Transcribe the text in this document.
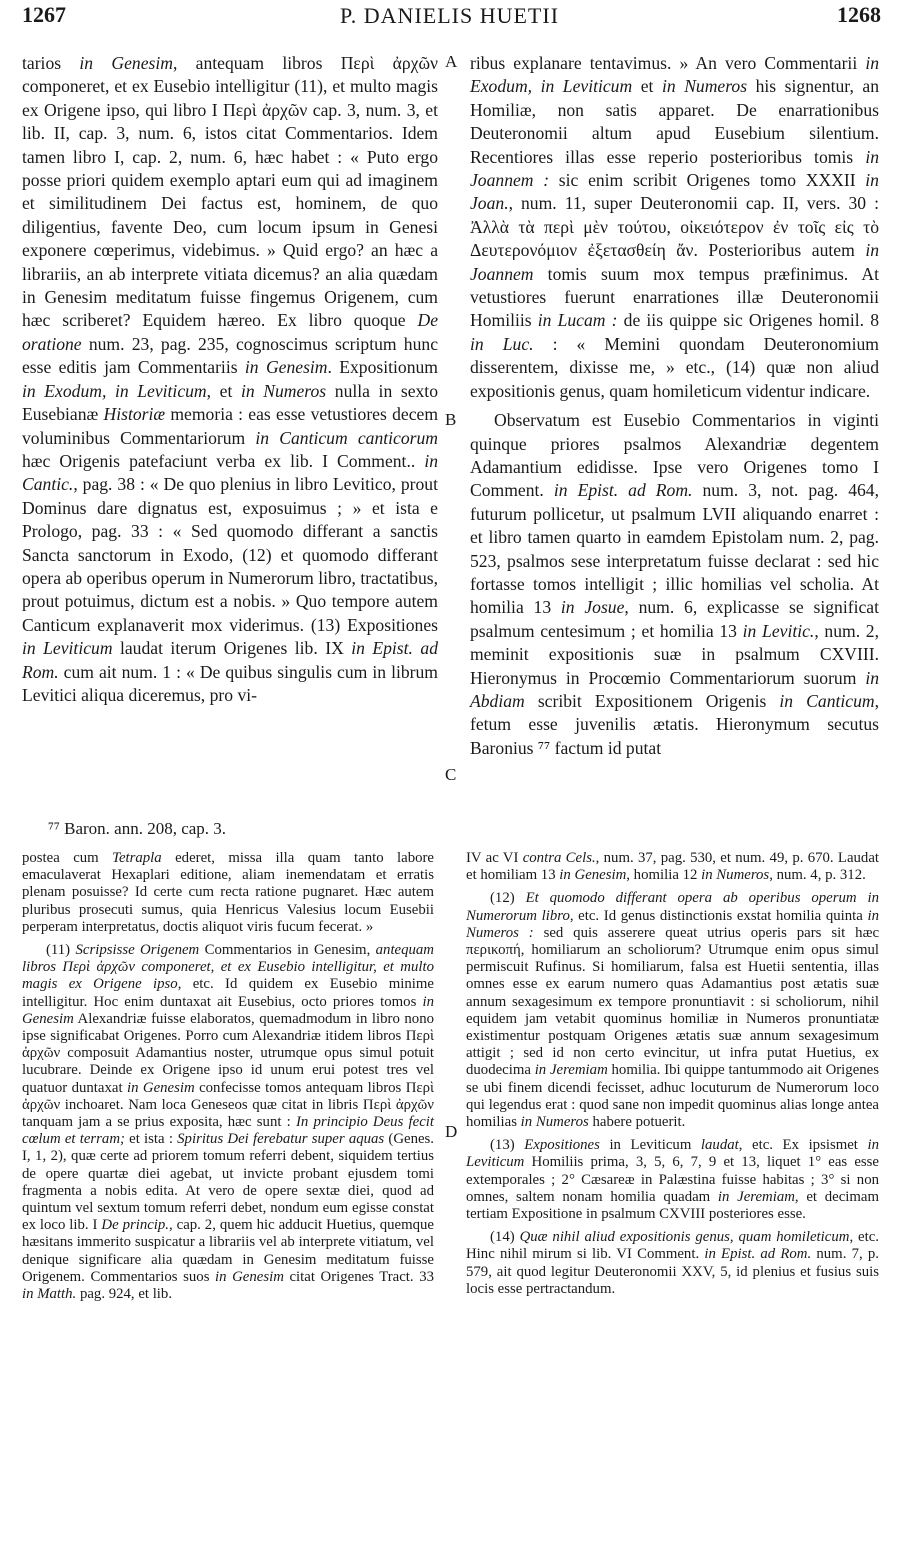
1267	P. DANIELIS HUETII	1268

tarios in Genesim, antequam libros Περὶ ἀρχῶν componeret, et ex Eusebio intelligitur (11), et multo magis ex Origene ipso, qui libro I Περὶ ἀρχῶν cap. 3, num. 3, et lib. II, cap. 3, num. 6, istos citat Commentarios. Idem tamen libro I, cap. 2, num. 6, hæc habet : « Puto ergo posse priori quidem exemplo aptari eum qui ad imaginem et similitudinem Dei factus est, hominem, de quo diligentius, favente Deo, cum locum ipsum in Genesi exponere cœperimus, videbimus. » Quid ergo? an hæc a librariis, an ab interprete vitiata dicemus? an alia quædam in Genesim meditatum fuisse fingemus Origenem, cum hæc scriberet? Equidem hæreo. Ex libro quoque De oratione num. 23, pag. 235, cognoscimus scriptum hunc esse editis jam Commentariis in Genesim. Expositionum in Exodum, in Leviticum, et in Numeros nulla in sexto Eusebianæ Historiæ memoria : eas esse vetustiores decem voluminibus Commentariorum in Canticum canticorum hæc Origenis patefaciunt verba ex lib. I Comment.. in Cantic., pag. 38 : « De quo plenius in libro Levitico, prout Dominus dare dignatus est, exposuimus ; » et ista e Prologo, pag. 33 : « Sed quomodo differant a sanctis Sancta sanctorum in Exodo, (12) et quomodo differant opera ab operibus operum in Numerorum libro, tractatibus, prout potuimus, dictum est a nobis. » Quo tempore autem Canticum explanaverit mox viderimus. (13) Expositiones in Leviticum laudat iterum Origenes lib. IX in Epist. ad Rom. cum ait num. 1 : « De quibus singulis cum in librum Levitici aliqua diceremus, pro vi-

ribus explanare tentavimus. » An vero Commentarii in Exodum, in Leviticum et in Numeros his signentur, an Homiliæ, non satis apparet. De enarrationibus Deuteronomii altum apud Eusebium silentium. Recentiores illas esse reperio posterioribus tomis in Joannem : sic enim scribit Origenes tomo XXXII in Joan., num. 11, super Deuteronomii cap. II, vers. 30 : Ἀλλὰ τὰ περὶ μὲν τούτου, οἰκειότερον ἐν τοῖς εἰς τὸ Δευτερονόμιον ἐξετασθείη ἄν. Posterioribus autem in Joannem tomis suum mox tempus præfinimus. At vetustiores fuerunt enarrationes illæ Deuteronomii Homiliis in Lucam : de iis quippe sic Origenes homil. 8 in Luc. : « Memini quondam Deuteronomium disserentem, dixisse me, » etc., (14) quæ non aliud expositionis genus, quam homileticum videntur indicare.

Observatum est Eusebio Commentarios in viginti quinque priores psalmos Alexandriæ degentem Adamantium edidisse. Ipse vero Origenes tomo I Comment. in Epist. ad Rom. num. 3, not. pag. 464, futurum pollicetur, ut psalmum LVII aliquando enarret : et libro tamen quarto in eamdem Epistolam num. 2, pag. 523, psalmos sese interpretatum fuisse declarat : sed hic fortasse tomos intelligit ; illic homilias vel scholia. At homilia 13 in Josue, num. 6, explicasse se significat psalmum centesimum ; et homilia 13 in Levitic., num. 2, meminit expositionis suæ in psalmum CXVIII. Hieronymus in Procœmio Commentariorum suorum in Abdiam scribit Expositionem Origenis in Canticum, fetum esse juvenilis ætatis. Hieronymum secutus Baronius ⁷⁷ factum id putat

A
B
C
D
⁷⁷ Baron. ann. 208, cap. 3.

postea cum Tetrapla ederet, missa illa quam tanto labore emaculaverat Hexaplari editione, aliam inemendatam et erratis plenam posuisse? Id certe cum recta ratione pugnaret. Hæc autem pluribus prosecuti sumus, quia Henricus Valesius locum Eusebii perperam interpretatus, doctis aliquot viris fucum fecerat. »

(11) Scripsisse Origenem Commentarios in Genesim, antequam libros Περὶ ἀρχῶν componeret, et ex Eusebio intelligitur, et multo magis ex Origene ipso, etc. Id quidem ex Eusebio minime intelligitur. Hoc enim duntaxat ait Eusebius, octo priores tomos in Genesim Alexandriæ fuisse elaboratos, quemadmodum in libro nono ipse significabat Origenes. Porro cum Alexandriæ itidem libros Περὶ ἀρχῶν composuit Adamantius noster, utrumque opus simul potuit lucubrare. Deinde ex Origene ipso id unum erui potest tres vel quatuor duntaxat in Genesim confecisse tomos antequam libros Περὶ ἀρχῶν inchoaret. Nam loca Geneseos quæ citat in libris Περὶ ἀρχῶν tanquam jam a se prius exposita, hæc sunt : In principio Deus fecit cœlum et terram; et ista : Spiritus Dei ferebatur super aquas (Genes. I, 1, 2), quæ certe ad priorem tomum referri debent, siquidem tertius de opere quartæ diei agebat, ut invicte probant ejusdem tomi fragmenta a nobis edita. At vero de opere sextæ diei, quod ad quintum vel sextum tomum referri debet, nondum eum egisse constat ex loco lib. I De princip., cap. 2, quem hic adducit Huetius, quemque hæsitans immerito suspicatur a librariis vel ab interprete vitiatum, vel denique significare alia quædam in Genesim meditatum fuisse Origenem. Commentarios suos in Genesim citat Origenes Tract. 33 in Matth. pag. 924, et lib.

IV ac VI contra Cels., num. 37, pag. 530, et num. 49, p. 670. Laudat et homiliam 13 in Genesim, homilia 12 in Numeros, num. 4, p. 312.

(12) Et quomodo differant opera ab operibus operum in Numerorum libro, etc. Id genus distinctionis exstat homilia quinta in Numeros : sed quis asserere queat utrius operis pars sit hæc περικοπή, homiliarum an scholiorum? Utrumque enim opus simul permiscuit Rufinus. Si homiliarum, falsa est Huetii sententia, illas omnes esse ex earum numero quas Adamantius post ætatis suæ annum sexagesimum ex tempore pronuntiavit : si scholiorum, nihil equidem jam vetabit quominus homiliæ in Numeros pronuntiatæ existimentur postquam Origenes ætatis suæ annum sexagesimum attigit ; sed id non certo evincitur, ut infra putat Huetius, ex duodecima in Jeremiam homilia. Ibi quippe tantummodo ait Origenes se ubi finem dicendi fecisset, adhuc locuturum de Numerorum loco qui legendus erat : quod sane non impedit quominus alias longe antea homilias in Numeros habere potuerit.

(13) Expositiones in Leviticum laudat, etc. Ex ipsismet in Leviticum Homiliis prima, 3, 5, 6, 7, 9 et 13, liquet 1° eas esse extemporales ; 2° Cæsareæ in Palæstina fuisse habitas ; 3° si non omnes, saltem nonam homilia quadam in Jeremiam, et decimam tertiam Expositione in psalmum CXVIII posteriores esse.

(14) Quæ nihil aliud expositionis genus, quam homileticum, etc. Hinc nihil mirum si lib. VI Comment. in Epist. ad Rom. num. 7, p. 579, ait quod legitur Deuteronomii XXV, 5, id plenius et fusius suis locis esse pertractandum.
